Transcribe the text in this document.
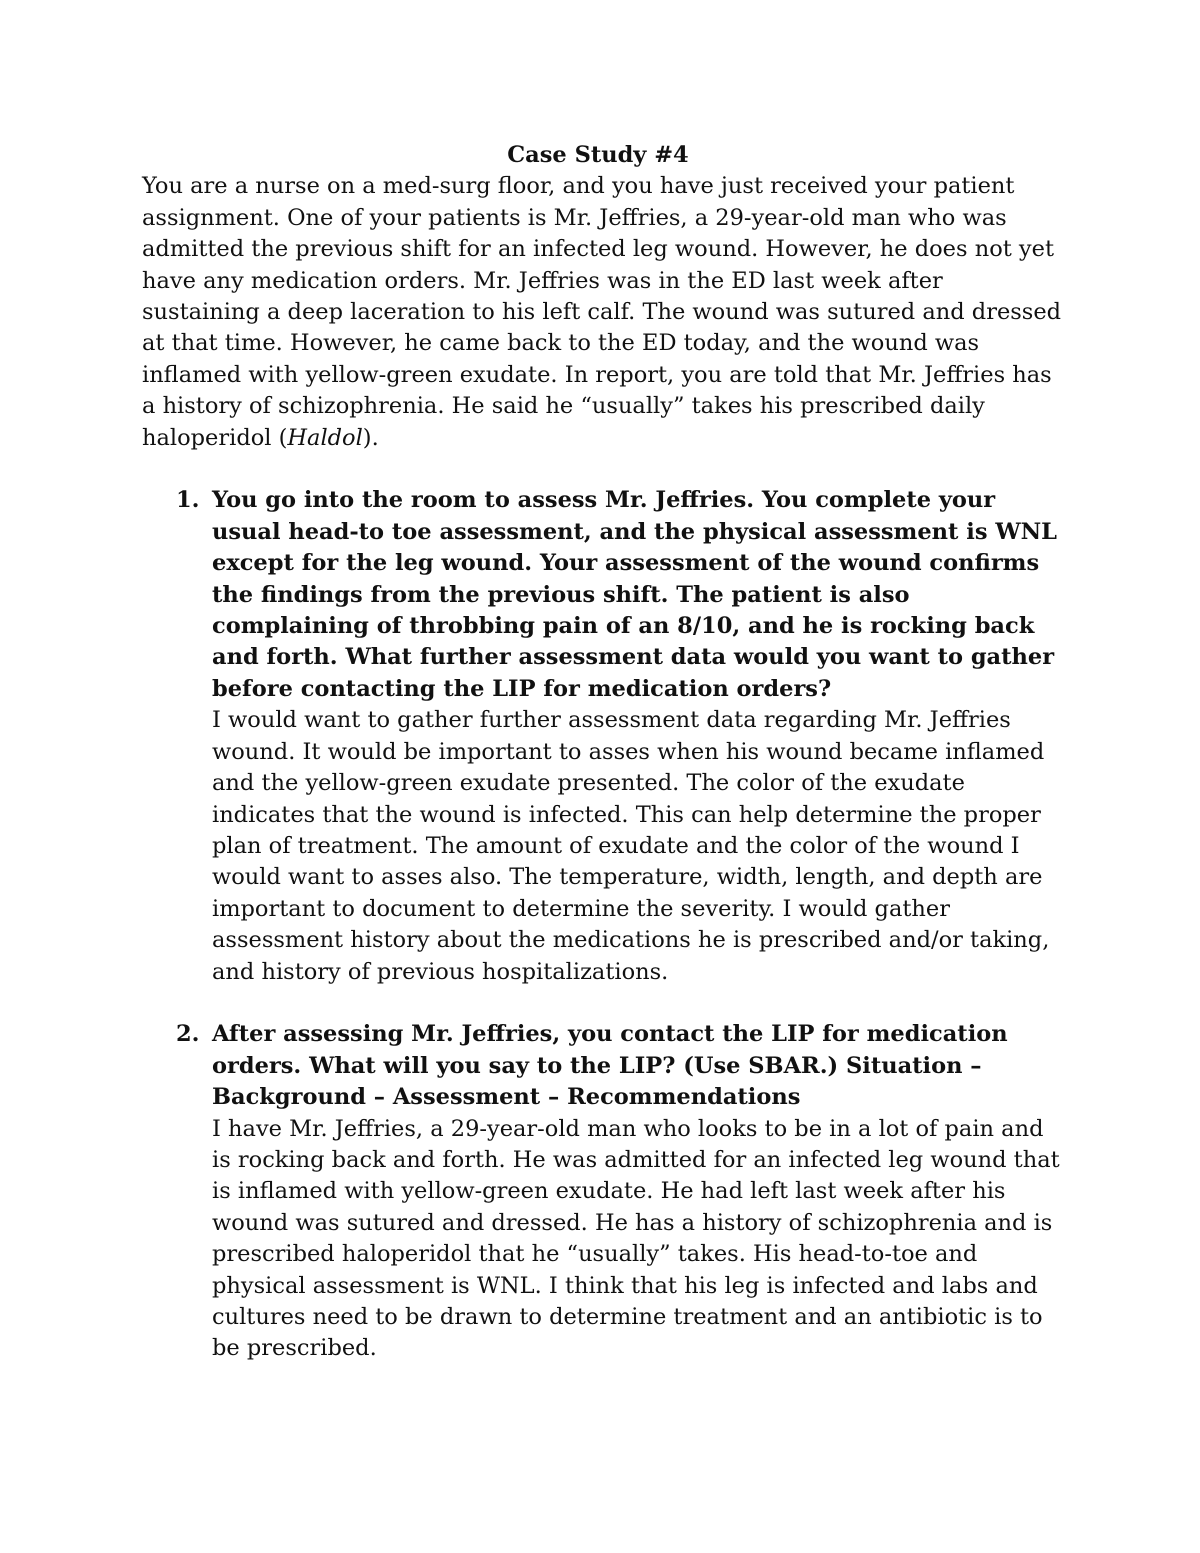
Case Study #4

You are a nurse on a med-surg floor, and you have just received your patient assignment. One of your patients is Mr. Jeffries, a 29-year-old man who was admitted the previous shift for an infected leg wound. However, he does not yet have any medication orders. Mr. Jeffries was in the ED last week after sustaining a deep laceration to his left calf. The wound was sutured and dressed at that time. However, he came back to the ED today, and the wound was inflamed with yellow-green exudate. In report, you are told that Mr. Jeffries has a history of schizophrenia. He said he “usually” takes his prescribed daily haloperidol (Haldol).

1. You go into the room to assess Mr. Jeffries. You complete your usual head-to toe assessment, and the physical assessment is WNL except for the leg wound. Your assessment of the wound confirms the findings from the previous shift. The patient is also complaining of throbbing pain of an 8/10, and he is rocking back and forth. What further assessment data would you want to gather before contacting the LIP for medication orders?

I would want to gather further assessment data regarding Mr. Jeffries wound. It would be important to asses when his wound became inflamed and the yellow-green exudate presented. The color of the exudate indicates that the wound is infected. This can help determine the proper plan of treatment. The amount of exudate and the color of the wound I would want to asses also. The temperature, width, length, and depth are important to document to determine the severity. I would gather assessment history about the medications he is prescribed and/or taking, and history of previous hospitalizations.

2. After assessing Mr. Jeffries, you contact the LIP for medication orders. What will you say to the LIP? (Use SBAR.) Situation – Background – Assessment – Recommendations

I have Mr. Jeffries, a 29-year-old man who looks to be in a lot of pain and is rocking back and forth. He was admitted for an infected leg wound that is inflamed with yellow-green exudate. He had left last week after his wound was sutured and dressed. He has a history of schizophrenia and is prescribed haloperidol that he “usually” takes. His head-to-toe and physical assessment is WNL. I think that his leg is infected and labs and cultures need to be drawn to determine treatment and an antibiotic is to be prescribed.
